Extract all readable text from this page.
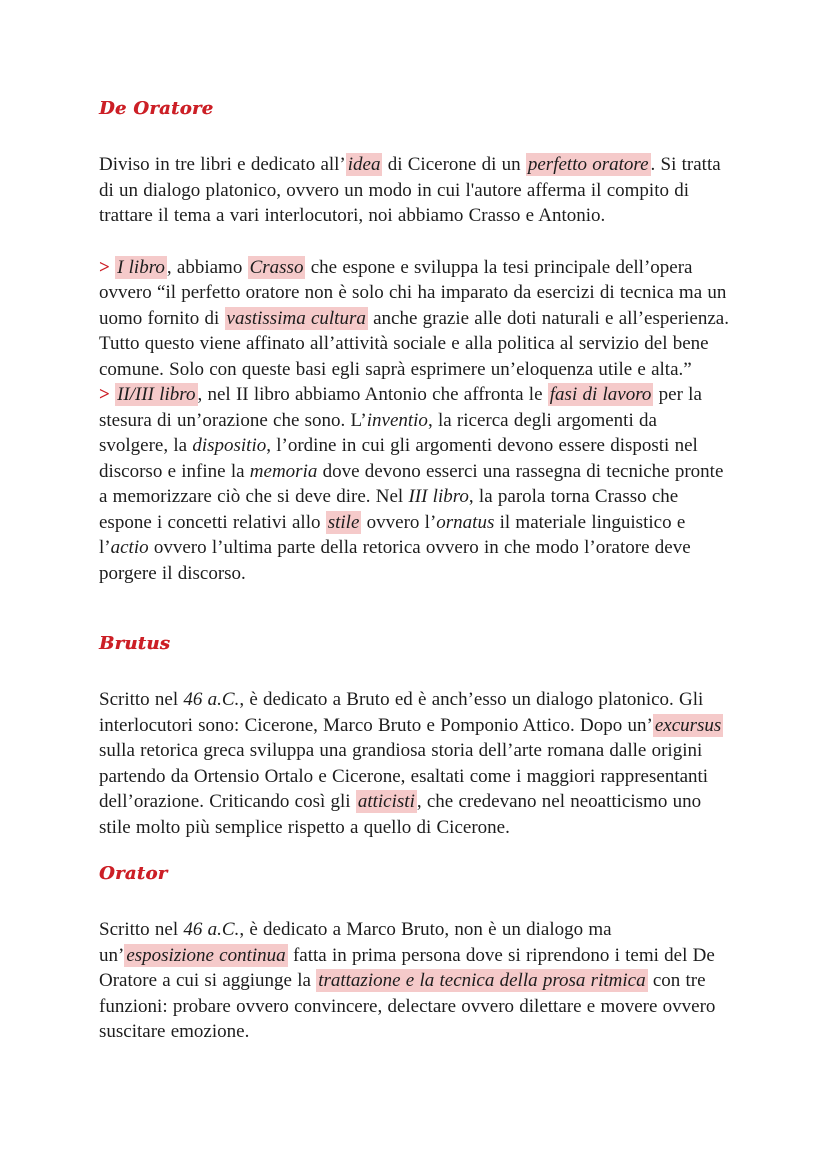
De Oratore

Diviso in tre libri e dedicato all’ idea di Cicerone di un perfetto oratore . Si tratta di un dialogo platonico, ovvero un modo in cui l'autore afferma il compito di trattare il tema a vari interlocutori, noi abbiamo Crasso e Antonio.

> I libro , abbiamo Crasso che espone e sviluppa la tesi principale dell’opera ovvero “il perfetto oratore non è solo chi ha imparato da esercizi di tecnica ma un uomo fornito di vastissima cultura anche grazie alle doti naturali e all’esperienza. Tutto questo viene affinato all’attività sociale e alla politica al servizio del bene comune. Solo con queste basi egli saprà esprimere un’eloquenza utile e alta.”
> II/III libro , nel II libro abbiamo Antonio che affronta le fasi di lavoro per la stesura di un’orazione che sono. L’inventio, la ricerca degli argomenti da svolgere, la dispositio, l’ordine in cui gli argomenti devono essere disposti nel discorso e infine la memoria dove devono esserci una rassegna di tecniche pronte a memorizzare ciò che si deve dire. Nel III libro, la parola torna Crasso che espone i concetti relativi allo stile ovvero l’ornatus il materiale linguistico e l’actio ovvero l’ultima parte della retorica ovvero in che modo l’oratore deve porgere il discorso.

Brutus

Scritto nel 46 a.C., è dedicato a Bruto ed è anch’esso un dialogo platonico. Gli interlocutori sono: Cicerone, Marco Bruto e Pomponio Attico. Dopo un’ excursus sulla retorica greca sviluppa una grandiosa storia dell’arte romana dalle origini partendo da Ortensio Ortalo e Cicerone, esaltati come i maggiori rappresentanti dell’orazione. Criticando così gli atticisti , che credevano nel neoatticismo uno stile molto più semplice rispetto a quello di Cicerone.

Orator

Scritto nel 46 a.C., è dedicato a Marco Bruto, non è un dialogo ma un’ esposizione continua fatta in prima persona dove si riprendono i temi del De Oratore a cui si aggiunge la trattazione e la tecnica della prosa ritmica con tre funzioni: probare ovvero convincere, delectare ovvero dilettare e movere ovvero suscitare emozione.
